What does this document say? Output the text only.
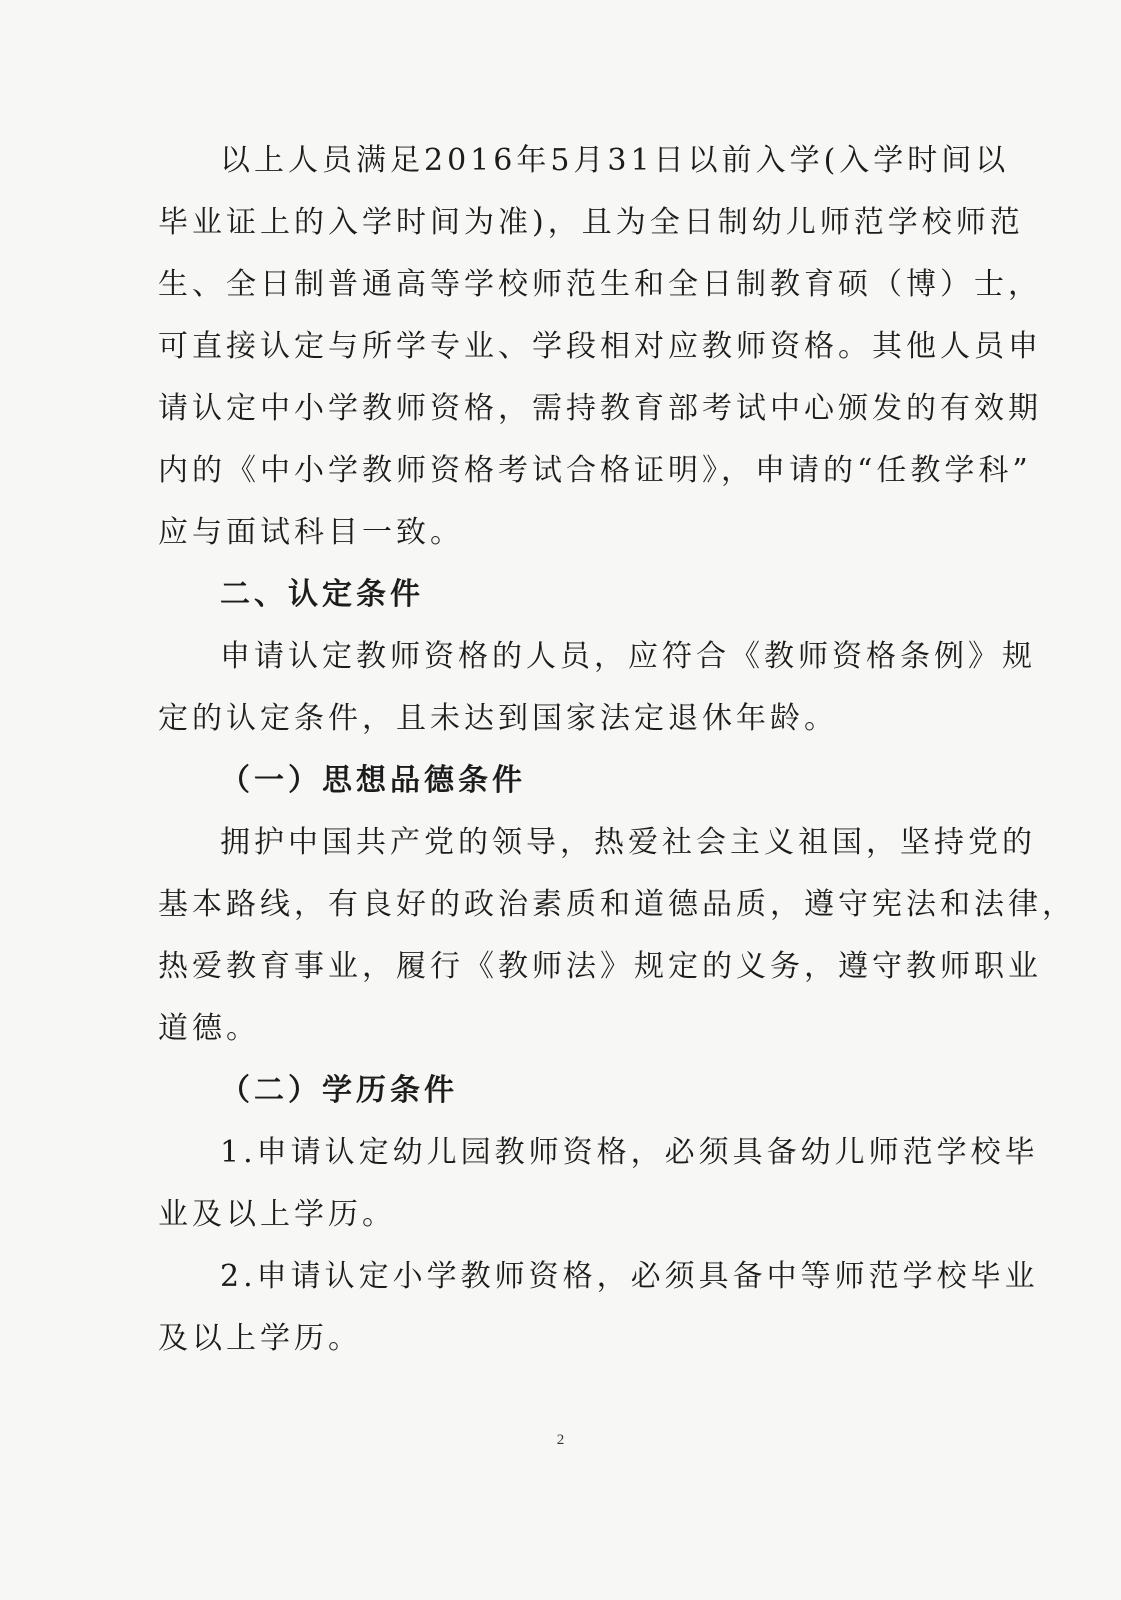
以上人员满足2016年5月31日以前入学(入学时间以
毕业证上的入学时间为准)，且为全日制幼儿师范学校师范
生、全日制普通高等学校师范生和全日制教育硕（博）士，
可直接认定与所学专业、学段相对应教师资格。其他人员申
请认定中小学教师资格，需持教育部考试中心颁发的有效期
内的《中小学教师资格考试合格证明》，申请的“任教学科”
应与面试科目一致。
二、认定条件
申请认定教师资格的人员，应符合《教师资格条例》规
定的认定条件，且未达到国家法定退休年龄。
（一）思想品德条件
拥护中国共产党的领导，热爱社会主义祖国，坚持党的
基本路线，有良好的政治素质和道德品质，遵守宪法和法律，
热爱教育事业，履行《教师法》规定的义务，遵守教师职业
道德。
（二）学历条件
1.申请认定幼儿园教师资格，必须具备幼儿师范学校毕
业及以上学历。
2.申请认定小学教师资格，必须具备中等师范学校毕业
及以上学历。
2
